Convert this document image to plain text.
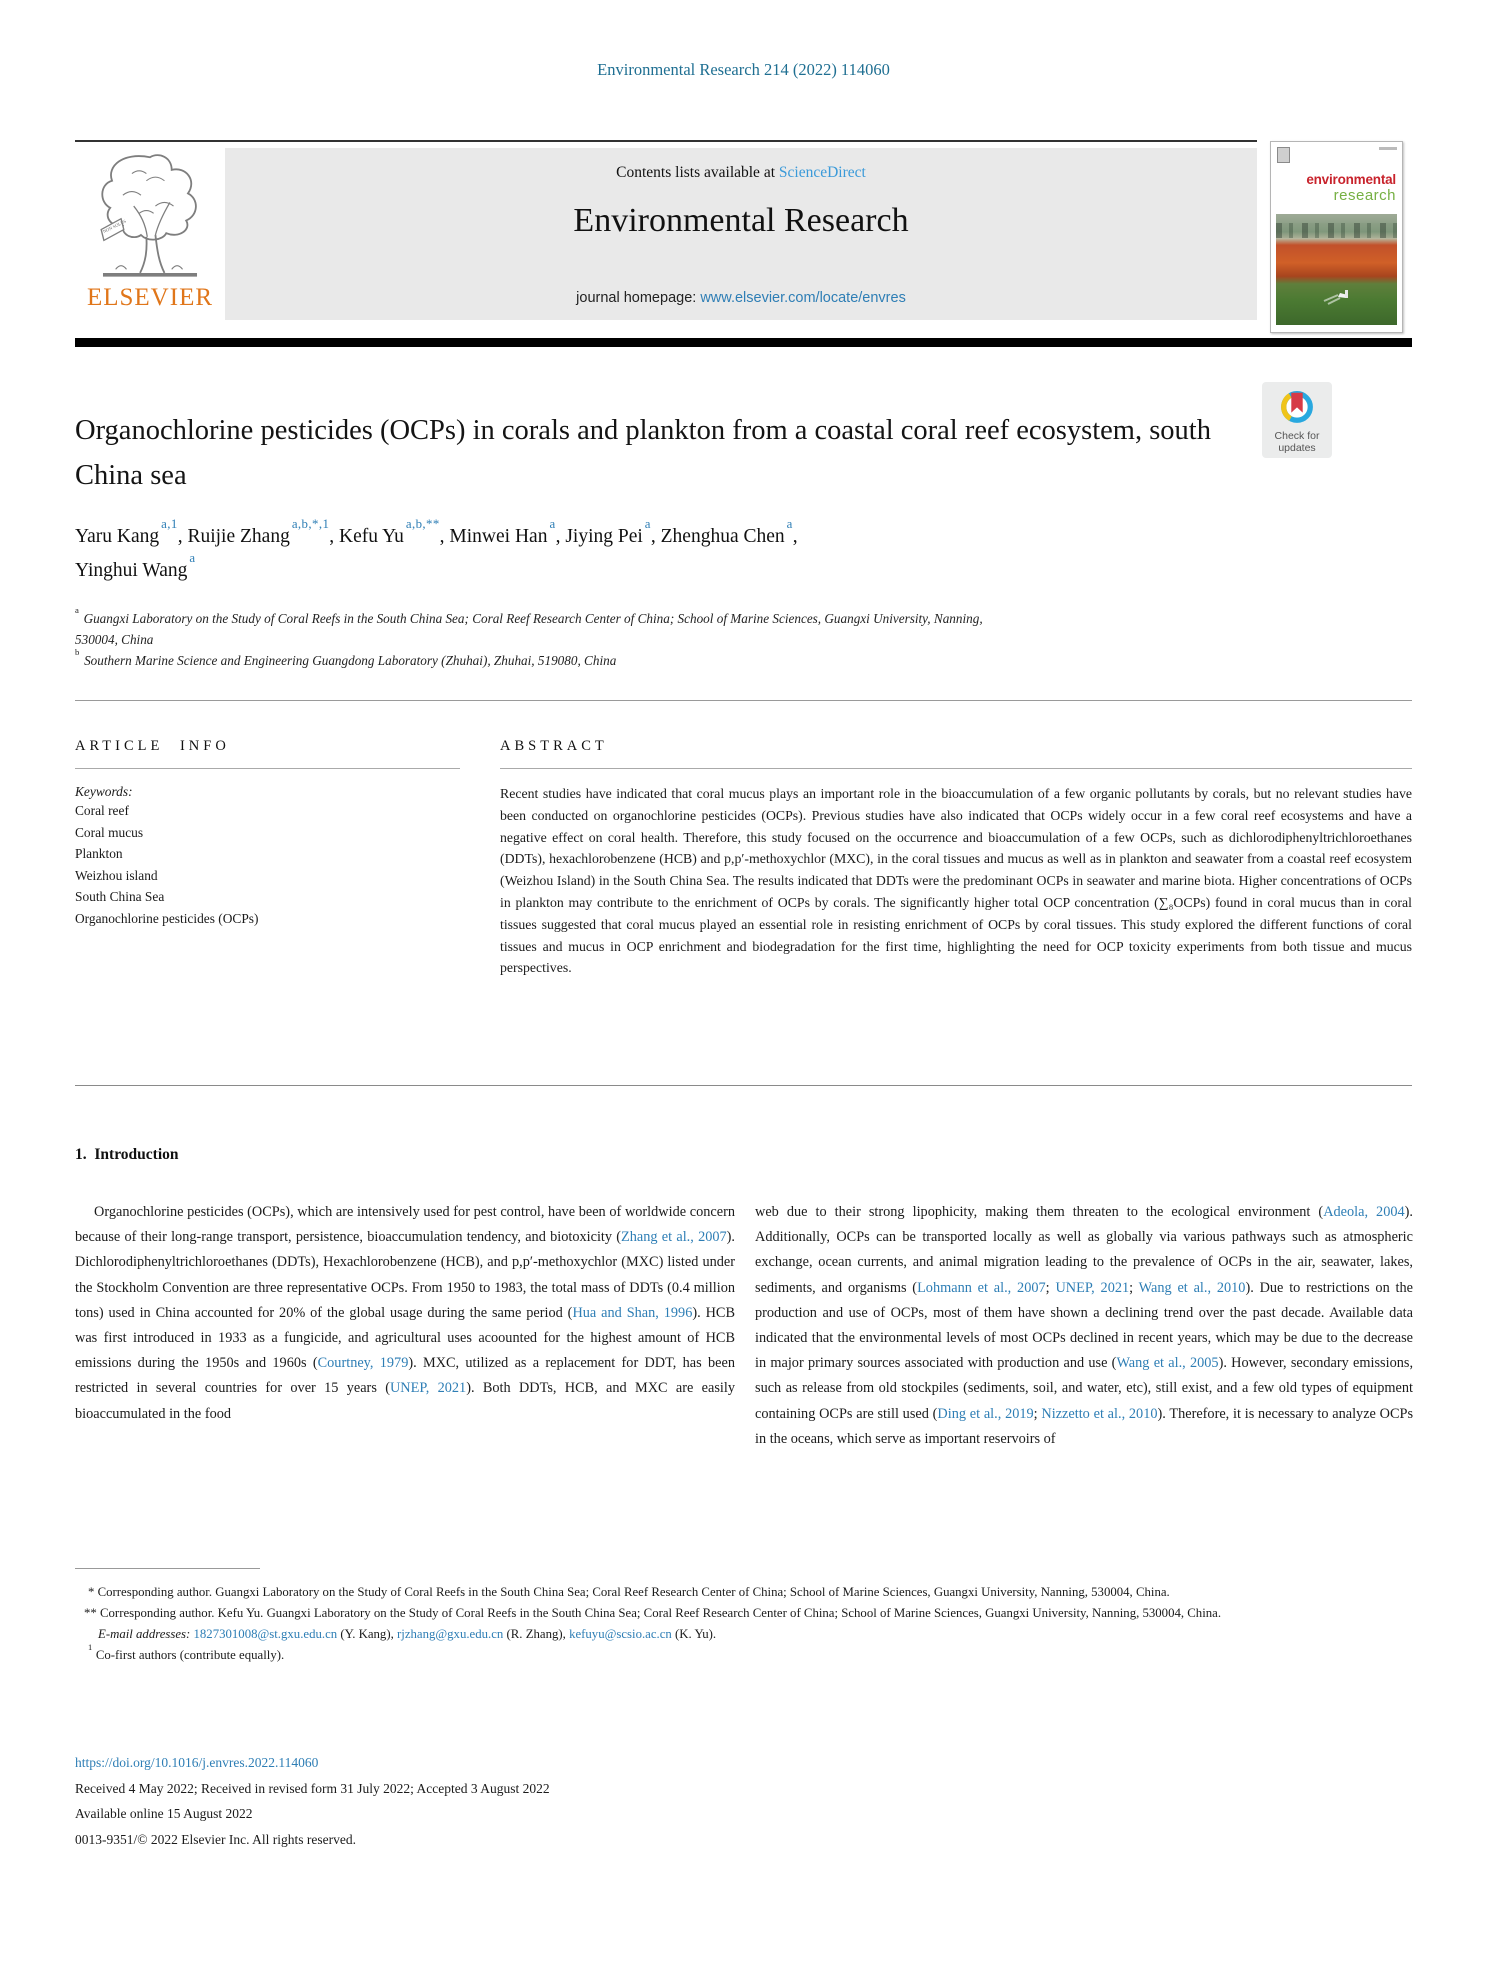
Environmental Research 214 (2022) 114060
NON SOLUS
ELSEVIER
Contents lists available at ScienceDirect
Environmental Research
journal homepage: www.elsevier.com/locate/envres
environmental
research
Organochlorine pesticides (OCPs) in corals and plankton from a coastal coral reef ecosystem, south China sea
Check for
updates
Yaru Kang$^{a,1}$, Ruijie Zhang$^{a,b,*,1}$, Kefu $Yu^{a,b,**}$, Minwei Han$^a$, Jiying Pei$^a$, Zhenghua Chen$^a$,
Yinghui Wang$^a$
$^a$ Guangxi Laboratory on the Study of Coral Reefs in the South China Sea; Coral Reef Research Center of China; School of Marine Sciences, Guangxi University, Nanning,
530004, China
$^b$ Southern Marine Science and Engineering Guangdong Laboratory (Zhuhai), Zhuhai, 519080, China
ARTICLE INFO
Keywords:
Coral reef
Coral mucus
Plankton
Weizhou island
South China Sea
Organochlorine pesticides (OCPs)
ABSTRACT

Recent studies have indicated that coral mucus plays an important role in the bioaccumulation of a few organic pollutants by corals, but no relevant studies have been conducted on organochlorine pesticides (OCPs). Previous studies have also indicated that OCPs widely occur in a few coral reef ecosystems and have a negative effect on coral health. Therefore, this study focused on the occurrence and bioaccumulation of a few OCPs, such as dichlorodiphenyltrichloroethanes (DDTs), hexachlorobenzene (HCB) and p,p′-methoxychlor (MXC), in the coral tissues and mucus as well as in plankton and seawater from a coastal reef ecosystem (Weizhou Island) in the South China Sea. The results indicated that DDTs were the predominant OCPs in seawater and marine biota. Higher concentrations of OCPs in plankton may contribute to the enrichment of OCPs by corals. The significantly higher total OCP concentration (∑₈OCPs) found in coral mucus than in coral tissues suggested that coral mucus played an essential role in resisting enrichment of OCPs by coral tissues. This study explored the different functions of coral tissues and mucus in OCP enrichment and biodegradation for the first time, highlighting the need for OCP toxicity experiments from both tissue and mucus perspectives.

1.  Introduction

Organochlorine pesticides (OCPs), which are intensively used for pest control, have been of worldwide concern because of their long-range transport, persistence, bioaccumulation tendency, and biotoxicity (Zhang et al., 2007). Dichlorodiphenyltrichloroethanes (DDTs), Hexachlorobenzene (HCB), and p,p′-methoxychlor (MXC) listed under the Stockholm Convention are three representative OCPs. From 1950 to 1983, the total mass of DDTs (0.4 million tons) used in China accounted for 20% of the global usage during the same period (Hua and Shan, 1996). HCB was first introduced in 1933 as a fungicide, and agricultural uses acoounted for the highest amount of HCB emissions during the 1950s and 1960s (Courtney, 1979). MXC, utilized as a replacement for DDT, has been restricted in several countries for over 15 years (UNEP, 2021). Both DDTs, HCB, and MXC are easily bioaccumulated in the food

web due to their strong lipophicity, making them threaten to the ecological environment (Adeola, 2004). Additionally, OCPs can be transported locally as well as globally via various pathways such as atmospheric exchange, ocean currents, and animal migration leading to the prevalence of OCPs in the air, seawater, lakes, sediments, and organisms (Lohmann et al., 2007; UNEP, 2021; Wang et al., 2010). Due to restrictions on the production and use of OCPs, most of them have shown a declining trend over the past decade. Available data indicated that the environmental levels of most OCPs declined in recent years, which may be due to the decrease in major primary sources associated with production and use (Wang et al., 2005). However, secondary emissions, such as release from old stockpiles (sediments, soil, and water, etc), still exist, and a few old types of equipment containing OCPs are still used (Ding et al., 2019; Nizzetto et al., 2010). Therefore, it is necessary to analyze OCPs in the oceans, which serve as important reservoirs of

* Corresponding author. Guangxi Laboratory on the Study of Coral Reefs in the South China Sea; Coral Reef Research Center of China; School of Marine Sciences, Guangxi University, Nanning, 530004, China.

** Corresponding author. Kefu Yu. Guangxi Laboratory on the Study of Coral Reefs in the South China Sea; Coral Reef Research Center of China; School of Marine Sciences, Guangxi University, Nanning, 530004, China.

E-mail addresses: 1827301008@st.gxu.edu.cn (Y. Kang), rjzhang@gxu.edu.cn (R. Zhang), kefuyu@scsio.ac.cn (K. Yu).

$^1$ Co-first authors (contribute equally).

https://doi.org/10.1016/j.envres.2022.114060
Received 4 May 2022; Received in revised form 31 July 2022; Accepted 3 August 2022
Available online 15 August 2022
0013-9351/© 2022 Elsevier Inc. All rights reserved.
